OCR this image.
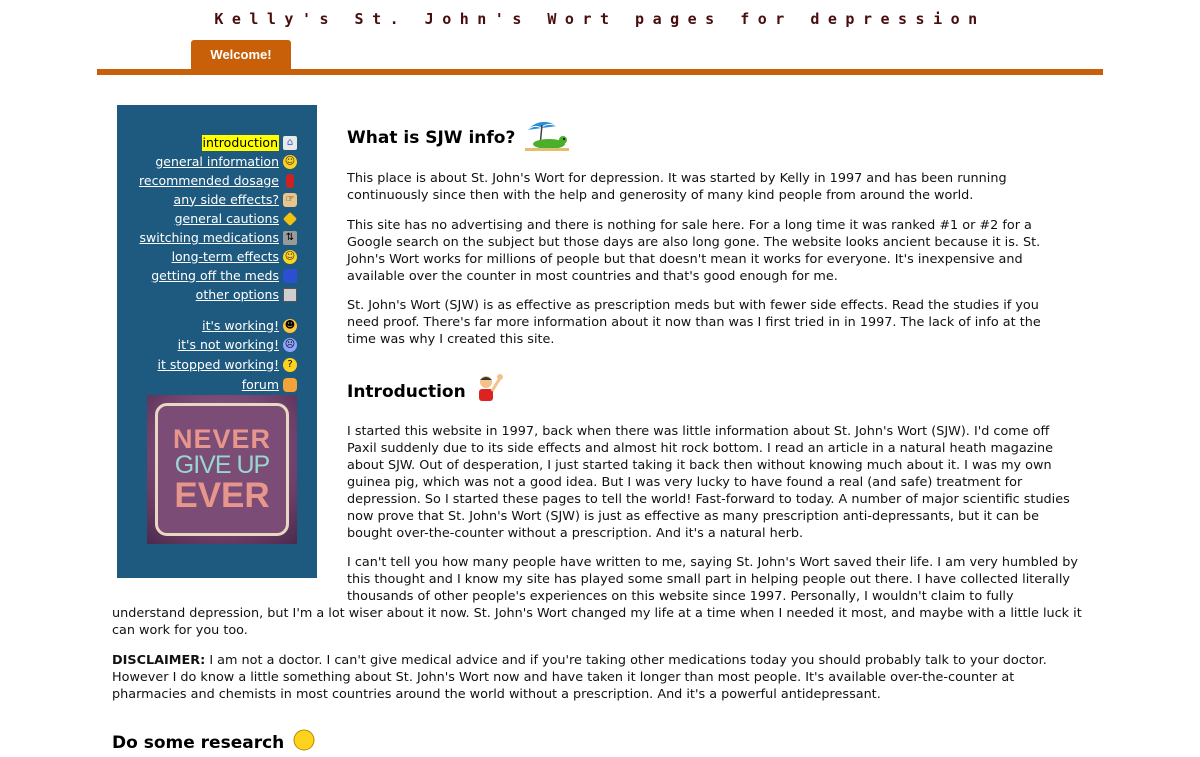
Kelly's St. John's Wort pages for depression
Welcome!
introduction ⌂
general information ☺
recommended dosage
any side effects? ☞
general cautions
switching medications ⇅
long-term effects ☺
getting off the meds
other options
it's working! ☻
it's not working! ☹
it stopped working! ?
forum
NEVER
GIVE UP
EVER
What is SJW info?

This place is about St. John's Wort for depression. It was started by Kelly in 1997 and has been running continuously since then with the help and generosity of many kind people from around the world.

This site has no advertising and there is nothing for sale here. For a long time it was ranked #1 or #2 for a Google search on the subject but those days are also long gone. The website looks ancient because it is. St. John's Wort works for millions of people but that doesn't mean it works for everyone. It's inexpensive and available over the counter in most countries and that's good enough for me.

St. John's Wort (SJW) is as effective as prescription meds but with fewer side effects. Read the studies if you need proof. There's far more information about it now than was I first tried in in 1997. The lack of info at the time was why I created this site.

Introduction

I started this website in 1997, back when there was little information about St. John's Wort (SJW). I'd come off Paxil suddenly due to its side effects and almost hit rock bottom. I read an article in a natural heath magazine about SJW. Out of desperation, I just started taking it back then without knowing much about it. I was my own guinea pig, which was not a good idea. But I was very lucky to have found a real (and safe) treatment for depression. So I started these pages to tell the world! Fast-forward to today. A number of major scientific studies now prove that St. John's Wort (SJW) is just as effective as many prescription anti-depressants, but it can be bought over-the-counter without a prescription. And it's a natural herb.

I can't tell you how many people have written to me, saying St. John's Wort saved their life. I am very humbled by this thought and I know my site has played some small part in helping people out there. I have collected literally thousands of other people's experiences on this website since 1997. Personally, I wouldn't claim to fully

understand depression, but I'm a lot wiser about it now. St. John's Wort changed my life at a time when I needed it most, and maybe with a little luck it can work for you too.

DISCLAIMER: I am not a doctor. I can't give medical advice and if you're taking other medications today you should probably talk to your doctor. However I do know a little something about St. John's Wort now and have taken it longer than most people. It's available over-the-counter at pharmacies and chemists in most countries around the world without a prescription. And it's a powerful antidepressant.

Do some research
